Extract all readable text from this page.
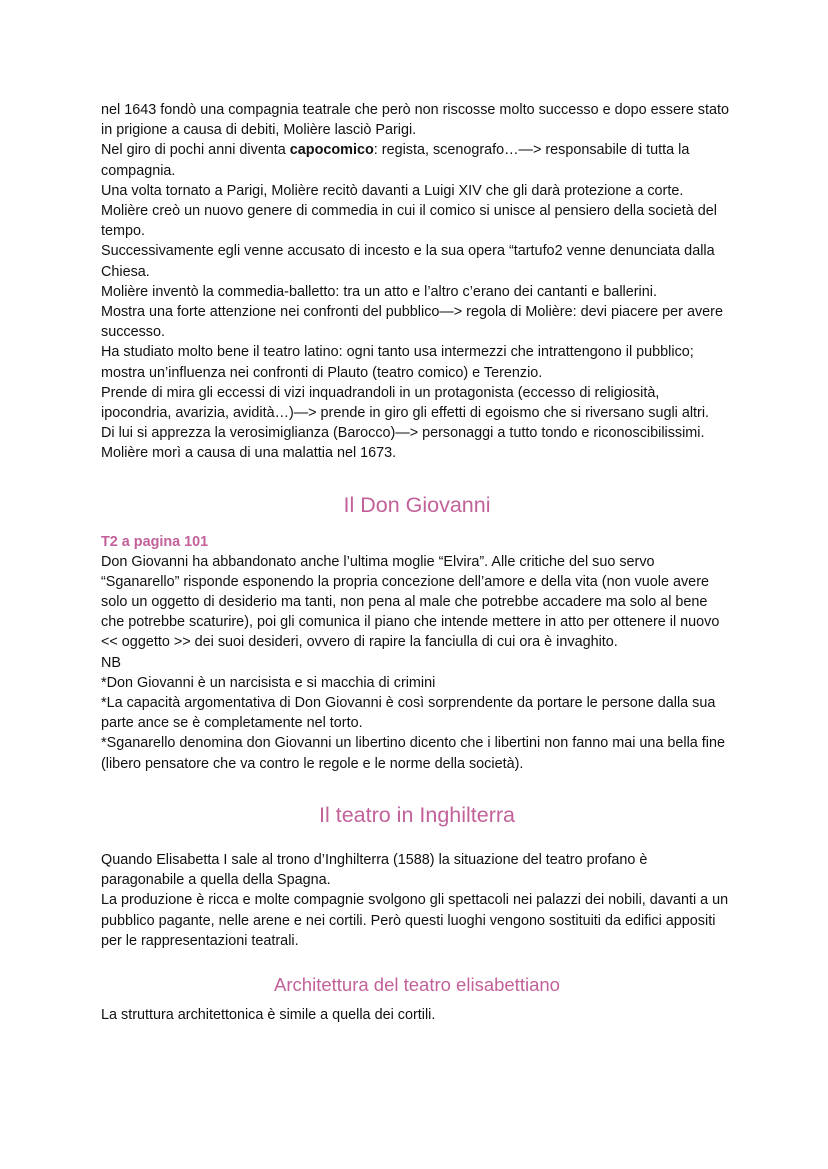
nel 1643 fondò una compagnia teatrale che però non riscosse molto successo e dopo essere stato in prigione a causa di debiti, Molière lasciò Parigi.

Nel giro di pochi anni diventa capocomico: regista, scenografo…—> responsabile di tutta la compagnia.

Una volta tornato a Parigi, Molière recitò davanti a Luigi XIV che gli darà protezione a corte.

Molière creò un nuovo genere di commedia in cui il comico si unisce al pensiero della società del tempo.

Successivamente egli venne accusato di incesto e la sua opera “tartufo2 venne denunciata dalla Chiesa.

Molière inventò la commedia-balletto: tra un atto e l’altro c’erano dei cantanti e ballerini.

Mostra una forte attenzione nei confronti del pubblico—> regola di Molière: devi piacere per avere successo.

Ha studiato molto bene il teatro latino: ogni tanto usa intermezzi che intrattengono il pubblico; mostra un’influenza nei confronti di Plauto (teatro comico) e Terenzio.

Prende di mira gli eccessi di vizi inquadrandoli in un protagonista (eccesso di religiosità, ipocondria, avarizia, avidità…)—> prende in giro gli effetti di egoismo che si riversano sugli altri.

Di lui si apprezza la verosimiglianza (Barocco)—> personaggi a tutto tondo e riconoscibilissimi.

Molière morì a causa di una malattia nel 1673.

Il Don Giovanni

T2 a pagina 101

Don Giovanni ha abbandonato anche l’ultima moglie “Elvira”. Alle critiche del suo servo “Sganarello” risponde esponendo la propria concezione dell’amore e della vita (non vuole avere solo un oggetto di desiderio ma tanti, non pena al male che potrebbe accadere ma solo al bene che potrebbe scaturire), poi gli comunica il piano che intende mettere in atto per ottenere il nuovo << oggetto >> dei suoi desideri, ovvero di rapire la fanciulla di cui ora è invaghito.

NB

*Don Giovanni è un narcisista e si macchia di crimini

*La capacità argomentativa di Don Giovanni è così sorprendente da portare le persone dalla sua parte ance se è completamente nel torto.

*Sganarello denomina don Giovanni un libertino dicento che i libertini non fanno mai una bella fine (libero pensatore che va contro le regole e le norme della società).

Il teatro in Inghilterra

Quando Elisabetta I sale al trono d’Inghilterra (1588) la situazione del teatro profano è paragonabile a quella della Spagna.

La produzione è ricca e molte compagnie svolgono gli spettacoli nei palazzi dei nobili, davanti a un pubblico pagante, nelle arene e nei cortili. Però questi luoghi vengono sostituiti da edifici appositi per le rappresentazioni teatrali.

Architettura del teatro elisabettiano

La struttura architettonica è simile a quella dei cortili.
